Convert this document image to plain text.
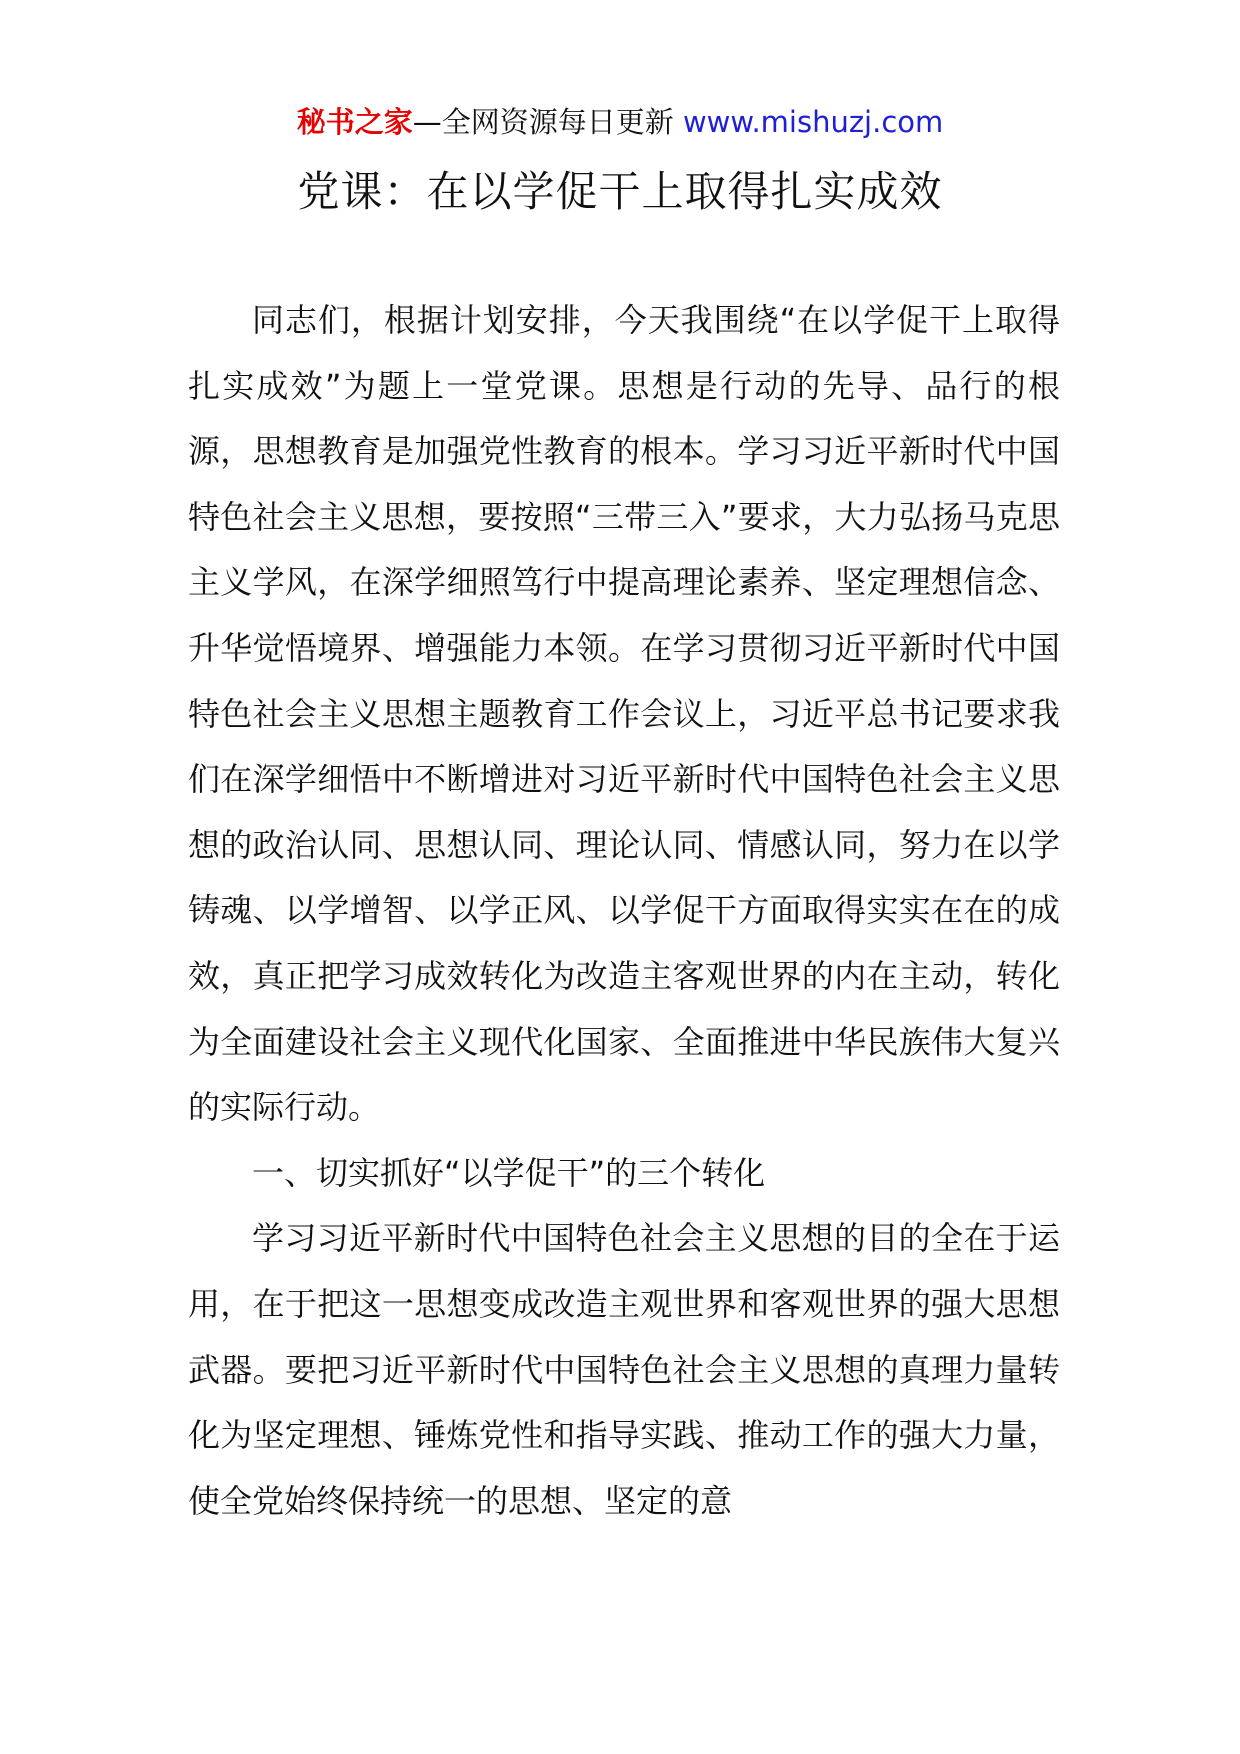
秘书之家—全网资源每日更新 www.mishuzj.com
党课：在以学促干上取得扎实成效

同志们，根据计划安排，今天我围绕“在以学促干上取得扎实成效”为题上一堂党课。思想是行动的先导、品行的根源，思想教育是加强党性教育的根本。学习习近平新时代中国特色社会主义思想，要按照“三带三入”要求，大力弘扬马克思主义学风，在深学细照笃行中提高理论素养、坚定理想信念、升华觉悟境界、增强能力本领。在学习贯彻习近平新时代中国特色社会主义思想主题教育工作会议上，习近平总书记要求我们在深学细悟中不断增进对习近平新时代中国特色社会主义思想的政治认同、思想认同、理论认同、情感认同，努力在以学铸魂、以学增智、以学正风、以学促干方面取得实实在在的成效，真正把学习成效转化为改造主客观世界的内在主动，转化为全面建设社会主义现代化国家、全面推进中华民族伟大复兴的实际行动。

一、切实抓好“以学促干”的三个转化

学习习近平新时代中国特色社会主义思想的目的全在于运用，在于把这一思想变成改造主观世界和客观世界的强大思想武器。要把习近平新时代中国特色社会主义思想的真理力量转化为坚定理想、锤炼党性和指导实践、推动工作的强大力量，使全党始终保持统一的思想、坚定的意
